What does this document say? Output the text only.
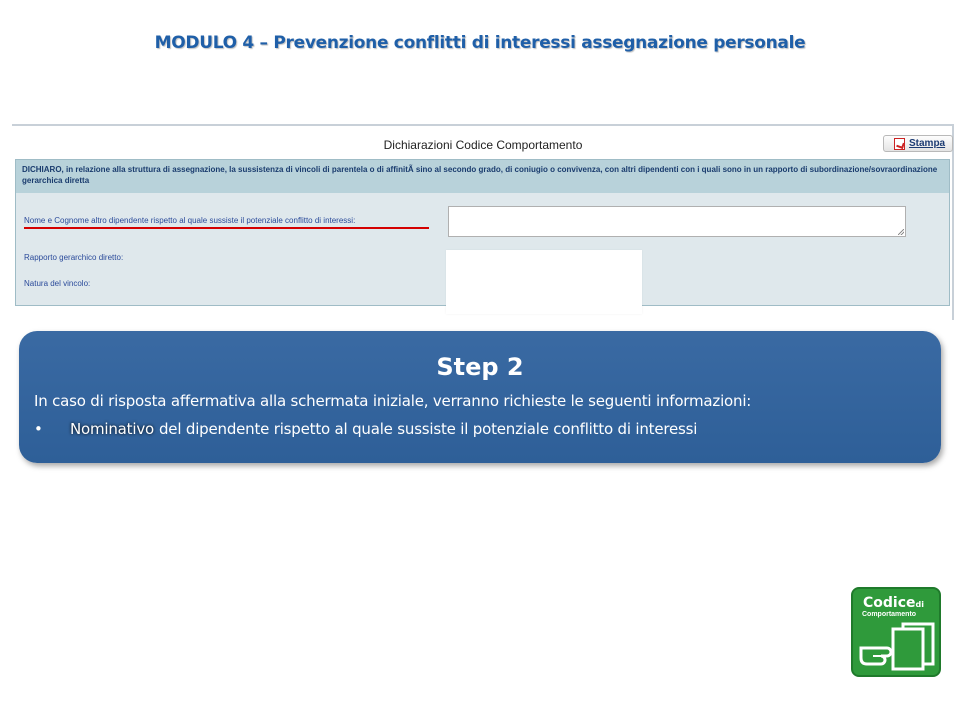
MODULO 4 – Prevenzione conflitti di interessi assegnazione personale
Dichiarazioni Codice Comportamento	Stampa
DICHIARO, in relazione alla struttura di assegnazione, la sussistenza di vincoli di parentela o di affinitÃ sino al secondo grado, di coniugio o convivenza, con altri dipendenti con i quali sono in un rapporto di subordinazione/sovraordinazione gerarchica diretta
Nome e Cognome altro dipendente rispetto al quale sussiste il potenziale conflitto di interessi:
Rapporto gerarchico diretto:
Natura del vincolo:
Step 2
In caso di risposta affermativa alla schermata iniziale, verranno richieste le seguenti informazioni:
•	Nominativo del dipendente rispetto al quale sussiste il potenziale conflitto di interessi
Codicedi
Comportamento
